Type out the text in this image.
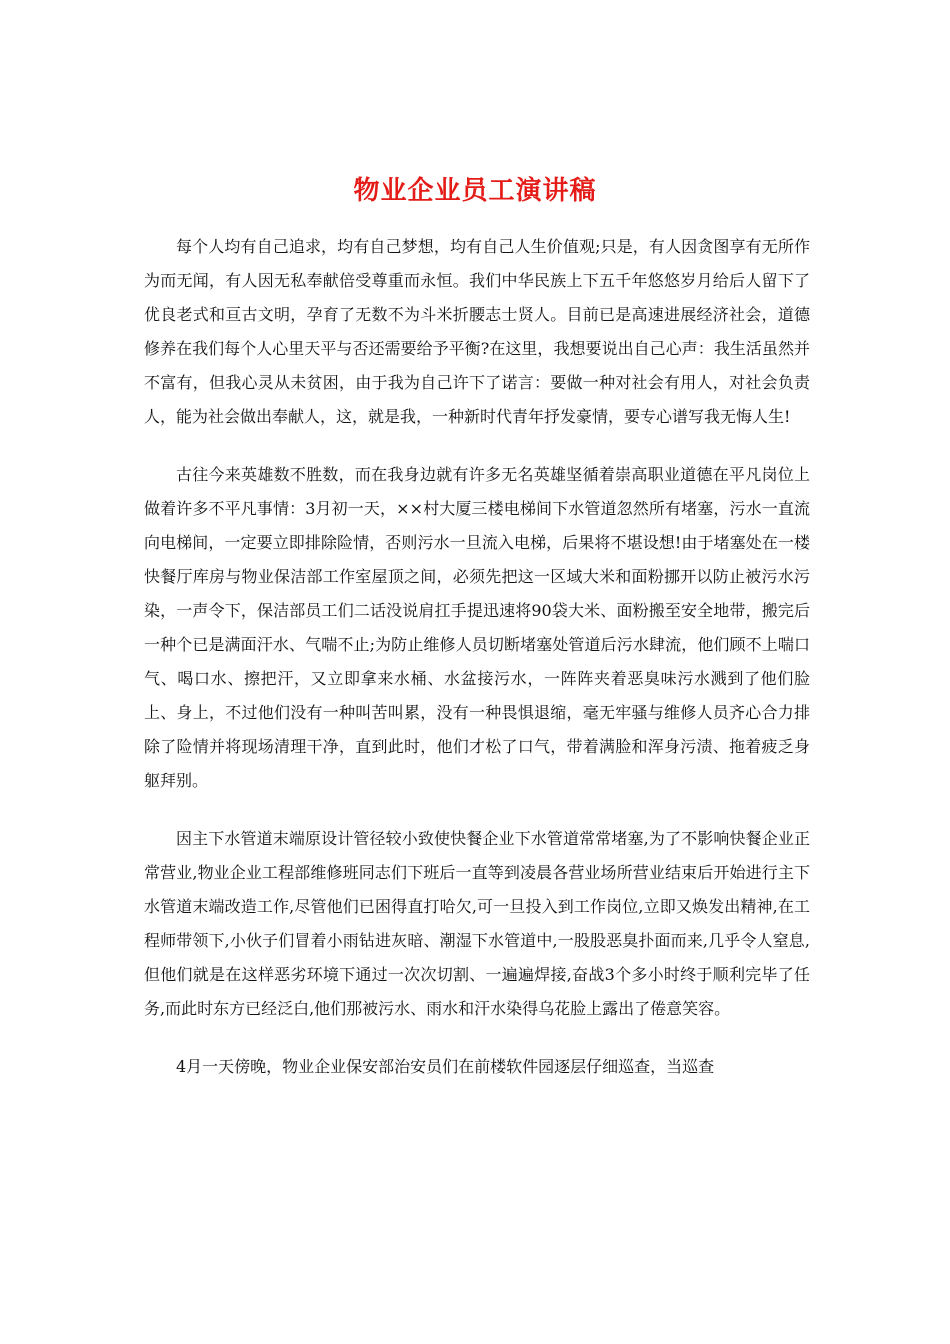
物业企业员工演讲稿

每个人均有自己追求，均有自己梦想，均有自己人生价值观;只是，有人因贪图享有无所作为而无闻，有人因无私奉献倍受尊重而永恒。我们中华民族上下五千年悠悠岁月给后人留下了优良老式和亘古文明，孕育了无数不为斗米折腰志士贤人。目前已是高速进展经济社会，道德修养在我们每个人心里天平与否还需要给予平衡?在这里，我想要说出自己心声：我生活虽然并不富有，但我心灵从未贫困，由于我为自己许下了诺言：要做一种对社会有用人，对社会负责人，能为社会做出奉献人，这，就是我，一种新时代青年抒发豪情，要专心谱写我无悔人生!

古往今来英雄数不胜数，而在我身边就有许多无名英雄坚循着崇高职业道德在平凡岗位上做着许多不平凡事情：3月初一天，××村大厦三楼电梯间下水管道忽然所有堵塞，污水一直流向电梯间，一定要立即排除险情，否则污水一旦流入电梯，后果将不堪设想!由于堵塞处在一楼快餐厅库房与物业保洁部工作室屋顶之间，必须先把这一区域大米和面粉挪开以防止被污水污染，一声令下，保洁部员工们二话没说肩扛手提迅速将90袋大米、面粉搬至安全地带，搬完后一种个已是满面汗水、气喘不止;为防止维修人员切断堵塞处管道后污水肆流，他们顾不上喘口气、喝口水、擦把汗，又立即拿来水桶、水盆接污水，一阵阵夹着恶臭味污水溅到了他们脸上、身上，不过他们没有一种叫苦叫累，没有一种畏惧退缩，毫无牢骚与维修人员齐心合力排除了险情并将现场清理干净，直到此时，他们才松了口气，带着满脸和浑身污渍、拖着疲乏身躯拜别。

因主下水管道末端原设计管径较小致使快餐企业下水管道常常堵塞,为了不影响快餐企业正常营业,物业企业工程部维修班同志们下班后一直等到凌晨各营业场所营业结束后开始进行主下水管道末端改造工作,尽管他们已困得直打哈欠,可一旦投入到工作岗位,立即又焕发出精神,在工程师带领下,小伙子们冒着小雨钻进灰暗、潮湿下水管道中,一股股恶臭扑面而来,几乎令人窒息,但他们就是在这样恶劣环境下通过一次次切割、一遍遍焊接,奋战3个多小时终于顺利完毕了任务,而此时东方已经泛白,他们那被污水、雨水和汗水染得乌花脸上露出了倦意笑容。

4月一天傍晚，物业企业保安部治安员们在前楼软件园逐层仔细巡查，当巡查
